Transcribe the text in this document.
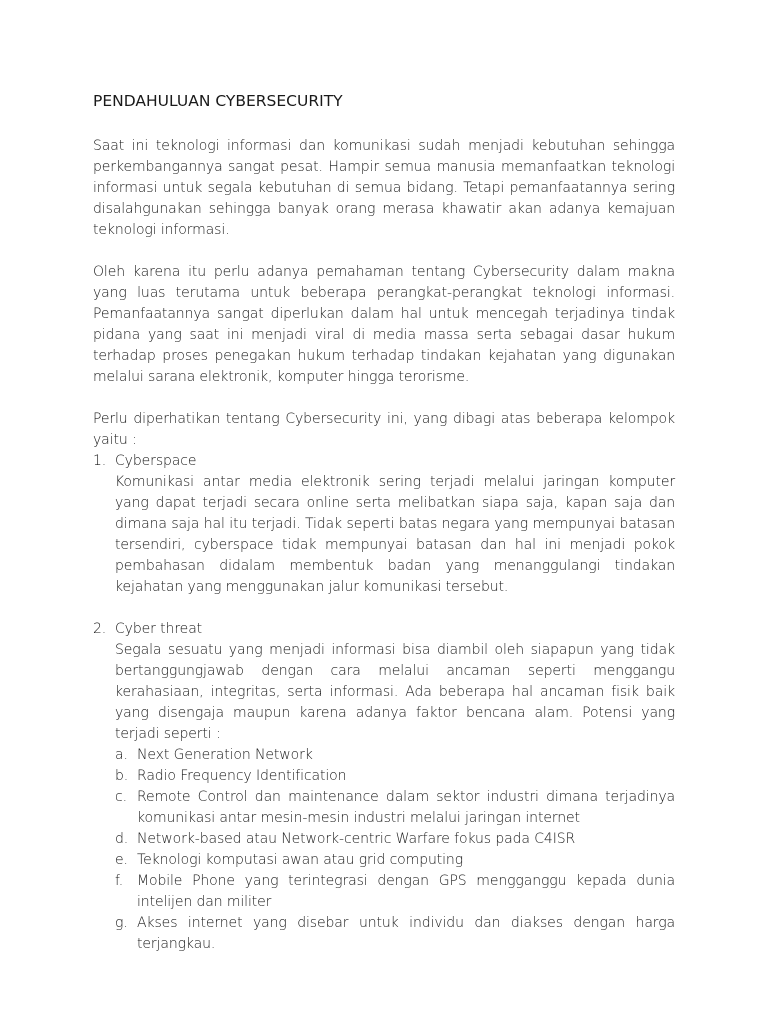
PENDAHULUAN CYBERSECURITY

Saat ini teknologi informasi dan komunikasi sudah menjadi kebutuhan sehingga perkembangannya sangat pesat. Hampir semua manusia memanfaatkan teknologi informasi untuk segala kebutuhan di semua bidang. Tetapi pemanfaatannya sering disalahgunakan sehingga banyak orang merasa khawatir akan adanya kemajuan teknologi informasi.

Oleh karena itu perlu adanya pemahaman tentang Cybersecurity dalam makna yang luas terutama untuk beberapa perangkat-perangkat teknologi informasi. Pemanfaatannya sangat diperlukan dalam hal untuk mencegah terjadinya tindak pidana yang saat ini menjadi viral di media massa serta sebagai dasar hukum terhadap proses penegakan hukum terhadap tindakan kejahatan yang digunakan melalui sarana elektronik, komputer hingga terorisme.

Perlu diperhatikan tentang Cybersecurity ini, yang dibagi atas beberapa kelompok yaitu :

1. Cyberspace

Komunikasi antar media elektronik sering terjadi melalui jaringan komputer yang dapat terjadi secara online serta melibatkan siapa saja, kapan saja dan dimana saja hal itu terjadi. Tidak seperti batas negara yang mempunyai batasan tersendiri, cyberspace tidak mempunyai batasan dan hal ini menjadi pokok pembahasan didalam membentuk badan yang menanggulangi tindakan kejahatan yang menggunakan jalur komunikasi tersebut.

2. Cyber threat

Segala sesuatu yang menjadi informasi bisa diambil oleh siapapun yang tidak bertanggungjawab dengan cara melalui ancaman seperti menggangu kerahasiaan, integritas, serta informasi. Ada beberapa hal ancaman fisik baik yang disengaja maupun karena adanya faktor bencana alam. Potensi yang terjadi seperti :

a. Next Generation Network
b. Radio Frequency Identification
c. Remote Control dan maintenance dalam sektor industri dimana terjadinya komunikasi antar mesin-mesin industri melalui jaringan internet
d. Network-based atau Network-centric Warfare fokus pada C4ISR
e. Teknologi komputasi awan atau grid computing
f. Mobile Phone yang terintegrasi dengan GPS mengganggu kepada dunia intelijen dan militer
g. Akses internet yang disebar untuk individu dan diakses dengan harga terjangkau.
